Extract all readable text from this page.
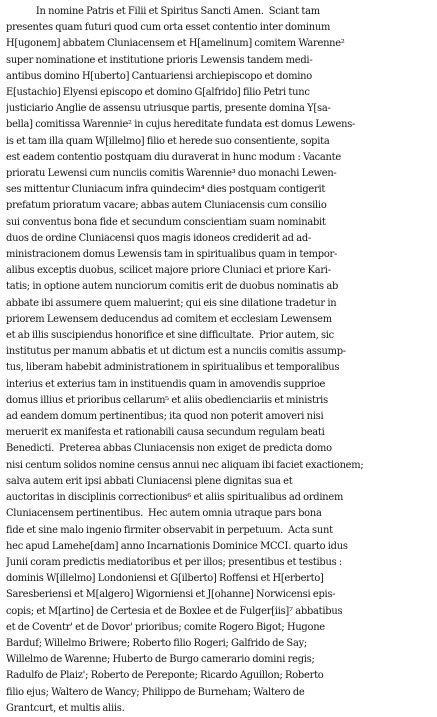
In nomine Patris et Filii et Spiritus Sancti Amen.  Sciant tam
presentes quam futuri quod cum orta esset contentio inter dominum
H[ugonem] abbatem Cluniacensem et H[amelinum] comitem Warenne²
super nominatione et institutione prioris Lewensis tandem medi-
antibus domino H[uberto] Cantuariensi archiepiscopo et domino
E[ustachio] Elyensi episcopo et domino G[alfrido] filio Petri tunc
justiciario Anglie de assensu utriusque partis, presente domina Y[sa-
bella] comitissa Warennie² in cujus hereditate fundata est domus Lewens-
is et tam illa quam W[illelmo] filio et herede suo consentiente, sopita
est eadem contentio postquam diu duraverat in hunc modum : Vacante
prioratu Lewensi cum nunciis comitis Warennie³ duo monachi Lewen-
ses mittentur Cluniacum infra quindecim⁴ dies postquam contigerit
prefatum prioratum vacare; abbas autem Cluniacensis cum consilio
sui conventus bona fide et secundum conscientiam suam nominabit
duos de ordine Cluniacensi quos magis idoneos crediderit ad ad-
ministracionem domus Lewensis tam in spiritualibus quam in tempor-
alibus exceptis duobus, scilicet majore priore Cluniaci et priore Kari-
tatis; in optione autem nunciorum comitis erit de duobus nominatis ab
abbate ibi assumere quem maluerint; qui eis sine dilatione tradetur in
priorem Lewensem deducendus ad comitem et ecclesiam Lewensem
et ab illis suscipiendus honorifice et sine difficultate.  Prior autem, sic
institutus per manum abbatis et ut dictum est a nunciis comitis assump-
tus, liberam habebit administrationem in spiritualibus et temporalibus
interius et exterius tam in instituendis quam in amovendis supprioe
domus illius et prioribus cellarum⁵ et aliis obedienciariis et ministris
ad eandem domum pertinentibus; ita quod non poterit amoveri nisi
meruerit ex manifesta et rationabili causa secundum regulam beati
Benedicti.  Preterea abbas Cluniacensis non exiget de predicta domo
nisi centum solidos nomine census annui nec aliquam ibi faciet exactionem;
salva autem erit ipsi abbati Cluniacensi plene dignitas sua et
auctoritas in disciplinis correctionibus⁶ et aliis spiritualibus ad ordinem
Cluniacensem pertinentibus.  Hec autem omnia utraque pars bona
fide et sine malo ingenio firmiter observabit in perpetuum.  Acta sunt
hec apud Lamehe[dam] anno Incarnationis Dominice MCCI. quarto idus
Junii coram predictis mediatoribus et per illos; presentibus et testibus :
dominis W[illelmo] Londoniensi et G[ilberto] Roffensi et H[erberto]
Saresberiensi et M[algero] Wigorniensi et J[ohanne] Norwicensi epis-
copis; et M[artino] de Certesia et de Boxlee et de Fulger[iis]⁷ abbatibus
et de Coventr' et de Dovor' prioribus; comite Rogero Bigot; Hugone
Barduf; Willelmo Briwere; Roberto filio Rogeri; Galfrido de Say;
Willelmo de Warenne; Huberto de Burgo camerario domini regis;
Radulfo de Plaiz'; Roberto de Pereponte; Ricardo Aguillon; Roberto
filio ejus; Waltero de Wancy; Philippo de Burneham; Waltero de
Grantcurt, et multis aliis.
